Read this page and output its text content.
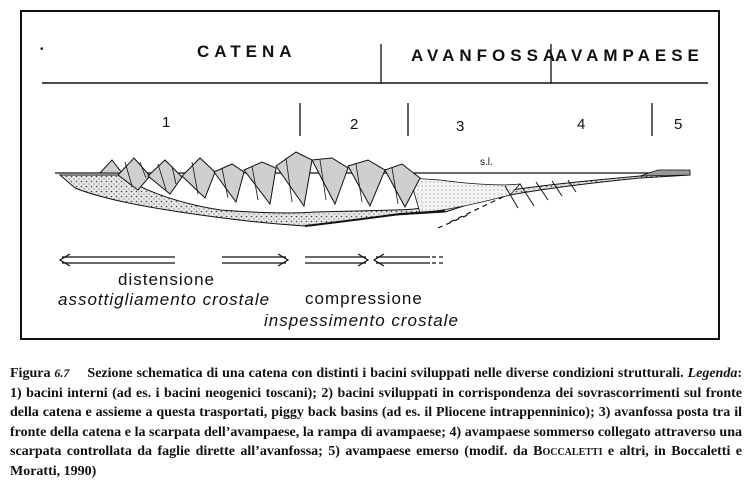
•	CATENA	AVANFOSSA
AVAMPAESE
1	2	3	4	5
s.l.
distensione
assottigliamento crostale compressione
inspessimento crostale
Figura 6.7 Sezione schematica di una catena con distinti i bacini sviluppati nelle diverse condizioni strutturali. Legenda: 1) bacini interni (ad es. i bacini neogenici toscani); 2) bacini sviluppati in corrispondenza dei sovrascorrimenti sul fronte della catena e assieme a questa trasportati, piggy back basins (ad es. il Pliocene intrappenninico); 3) avanfossa posta tra il fronte della catena e la scarpata dell’avampaese, la rampa di avampaese; 4) avampaese sommerso collegato attraverso una scarpata controllata da faglie dirette all’avanfossa; 5) avampaese emerso (modif. da Boccaletti e altri, in Boccaletti e Moratti, 1990)
